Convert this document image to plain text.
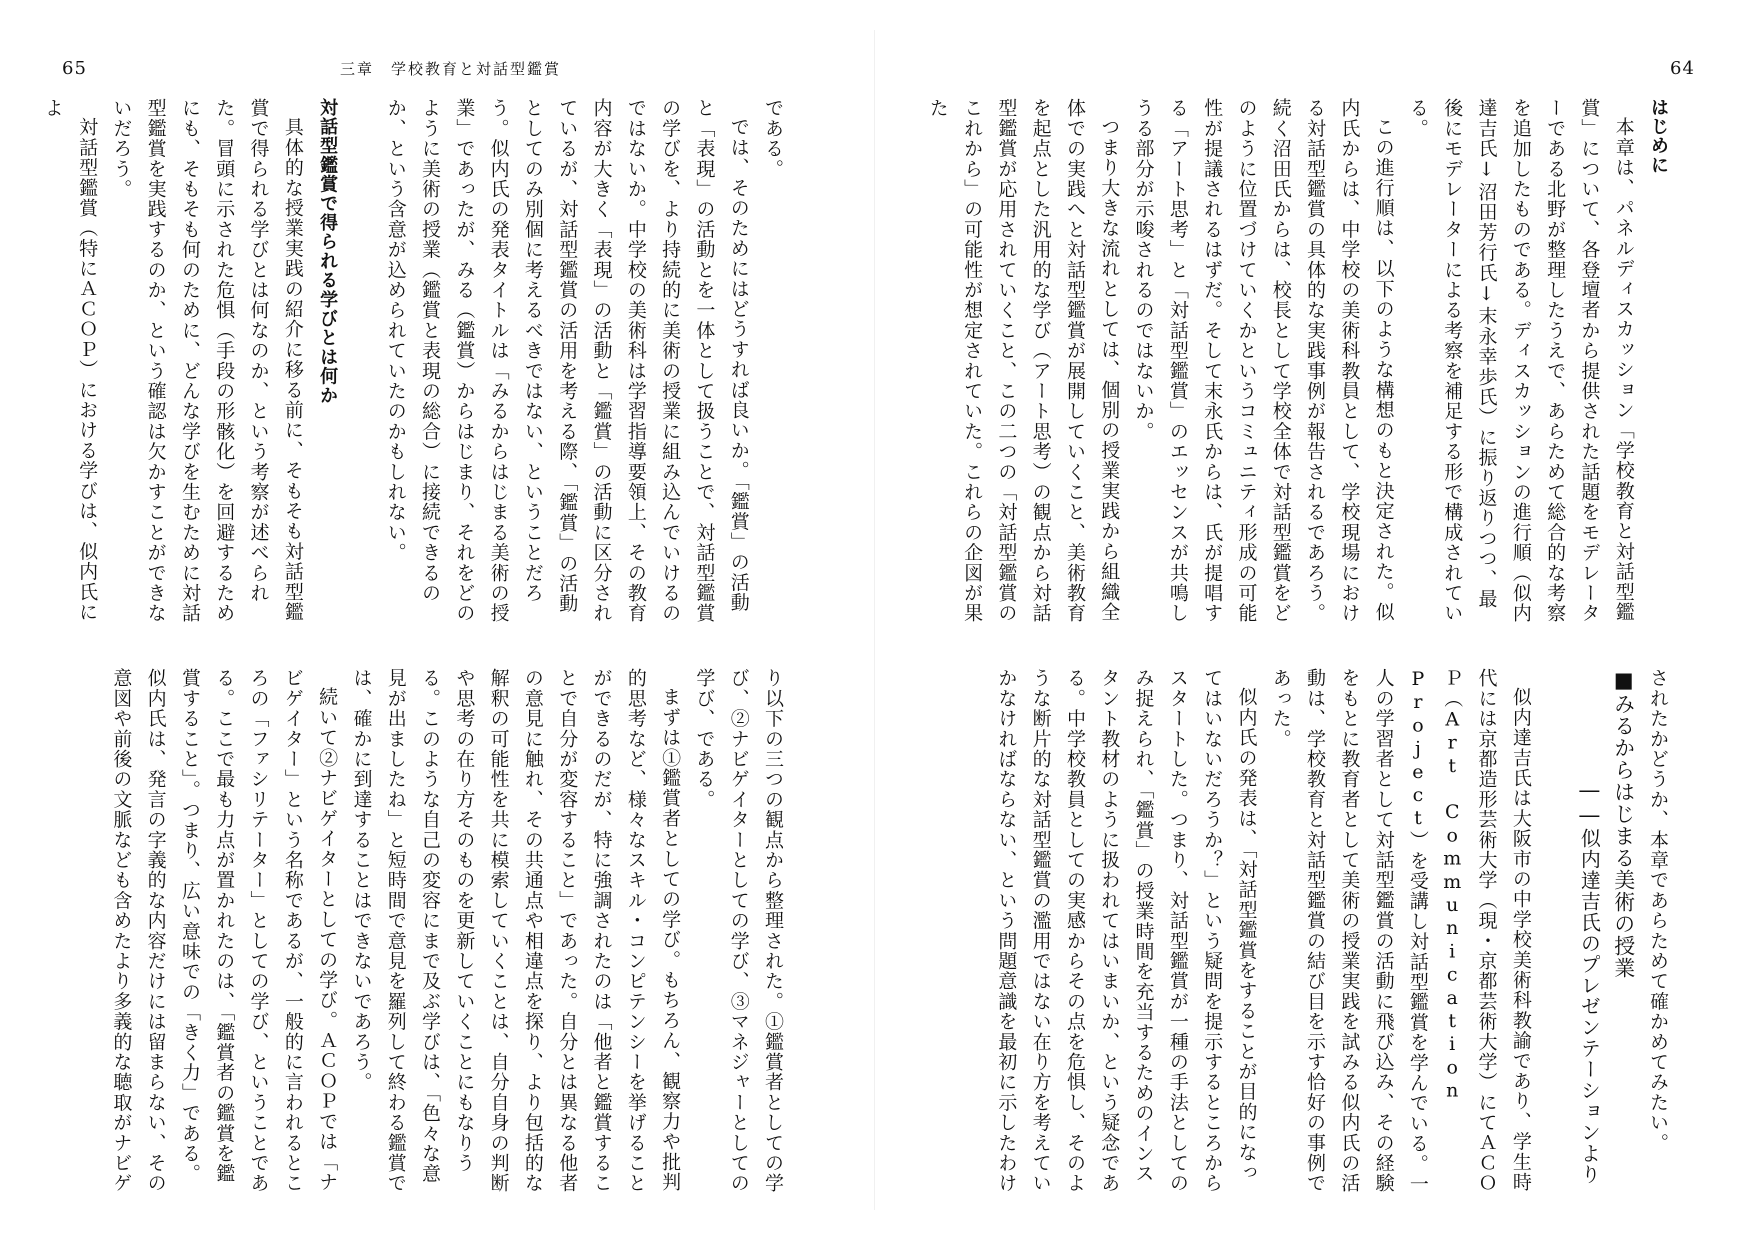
65	三章　学校教育と対話型鑑賞

である。

では、そのためにはどうすれば良いか。「鑑賞」の活動と「表現」の活動とを一体として扱うことで、対話型鑑賞の学びを、より持続的に美術の授業に組み込んでいけるのではないか。中学校の美術科は学習指導要領上、その教育内容が大きく「表現」の活動と「鑑賞」の活動に区分されているが、対話型鑑賞の活用を考える際、「鑑賞」の活動としてのみ別個に考えるべきではない、ということだろう。似内氏の発表タイトルは「みるからはじまる美術の授業」であったが、みる（鑑賞）からはじまり、それをどのように美術の授業（鑑賞と表現の総合）に接続できるのか、という含意が込められていたのかもしれない。

対話型鑑賞で得られる学びとは何か

具体的な授業実践の紹介に移る前に、そもそも対話型鑑賞で得られる学びとは何なのか、という考察が述べられた。冒頭に示された危惧（手段の形骸化）を回避するためにも、そもそも何のために、どんな学びを生むために対話型鑑賞を実践するのか、という確認は欠かすことができないだろう。

対話型鑑賞（特にＡＣＯＰ）における学びは、似内氏によ

り以下の三つの観点から整理された。①鑑賞者としての学び、②ナビゲイターとしての学び、③マネジャーとしての学び、である。

まずは①鑑賞者としての学び。もちろん、観察力や批判的思考など、様々なスキル・コンピテンシーを挙げることができるのだが、特に強調されたのは「他者と鑑賞することで自分が変容すること」であった。自分とは異なる他者の意見に触れ、その共通点や相違点を探り、より包括的な解釈の可能性を共に模索していくことは、自分自身の判断や思考の在り方そのものを更新していくことにもなりうる。このような自己の変容にまで及ぶ学びは、「色々な意見が出ましたね」と短時間で意見を羅列して終わる鑑賞では、確かに到達することはできないであろう。

続いて②ナビゲイターとしての学び。ＡＣＯＰでは「ナビゲイター」という名称であるが、一般的に言われるところの「ファシリテーター」としての学び、ということである。ここで最も力点が置かれたのは、「鑑賞者の鑑賞を鑑賞すること」。つまり、広い意味での「きく力」である。似内氏は、発言の字義的な内容だけには留まらない、その意図や前後の文脈なども含めたより多義的な聴取がナビゲ

64

はじめに

本章は、パネルディスカッション「学校教育と対話型鑑賞」について、各登壇者から提供された話題をモデレーターである北野が整理したうえで、あらためて総合的な考察を追加したものである。ディスカッションの進行順（似内達吉氏↓沼田芳行氏↓末永幸歩氏）に振り返りつつ、最後にモデレーターによる考察を補足する形で構成されている。

この進行順は、以下のような構想のもと決定された。似内氏からは、中学校の美術科教員として、学校現場における対話型鑑賞の具体的な実践事例が報告されるであろう。続く沼田氏からは、校長として学校全体で対話型鑑賞をどのように位置づけていくかというコミュニティ形成の可能性が提議されるはずだ。そして末永氏からは、氏が提唱する「アート思考」と「対話型鑑賞」のエッセンスが共鳴しうる部分が示唆されるのではないか。

つまり大きな流れとしては、個別の授業実践から組織全体での実践へと対話型鑑賞が展開していくこと、美術教育を起点とした汎用的な学び（アート思考）の観点から対話型鑑賞が応用されていくこと、この二つの「対話型鑑賞のこれから」の可能性が想定されていた。これらの企図が果た

されたかどうか、本章であらためて確かめてみたい。

■みるからはじまる美術の授業

――似内達吉氏のプレゼンテーションより

似内達吉氏は大阪市の中学校美術科教諭であり、学生時代には京都造形芸術大学（現・京都芸術大学）にてＡＣＯＰ（Art Communication Project）を受講し対話型鑑賞を学んでいる。一人の学習者として対話型鑑賞の活動に飛び込み、その経験をもとに教育者として美術の授業実践を試みる似内氏の活動は、学校教育と対話型鑑賞の結び目を示す恰好の事例であった。

似内氏の発表は、「対話型鑑賞をすることが目的になってはいないだろうか？」という疑問を提示するところからスタートした。つまり、対話型鑑賞が一種の手法としてのみ捉えられ、「鑑賞」の授業時間を充当するためのインスタント教材のように扱われてはいまいか、という疑念である。中学校教員としての実感からその点を危惧し、そのような断片的な対話型鑑賞の濫用ではない在り方を考えていかなければならない、という問題意識を最初に示したわけ
